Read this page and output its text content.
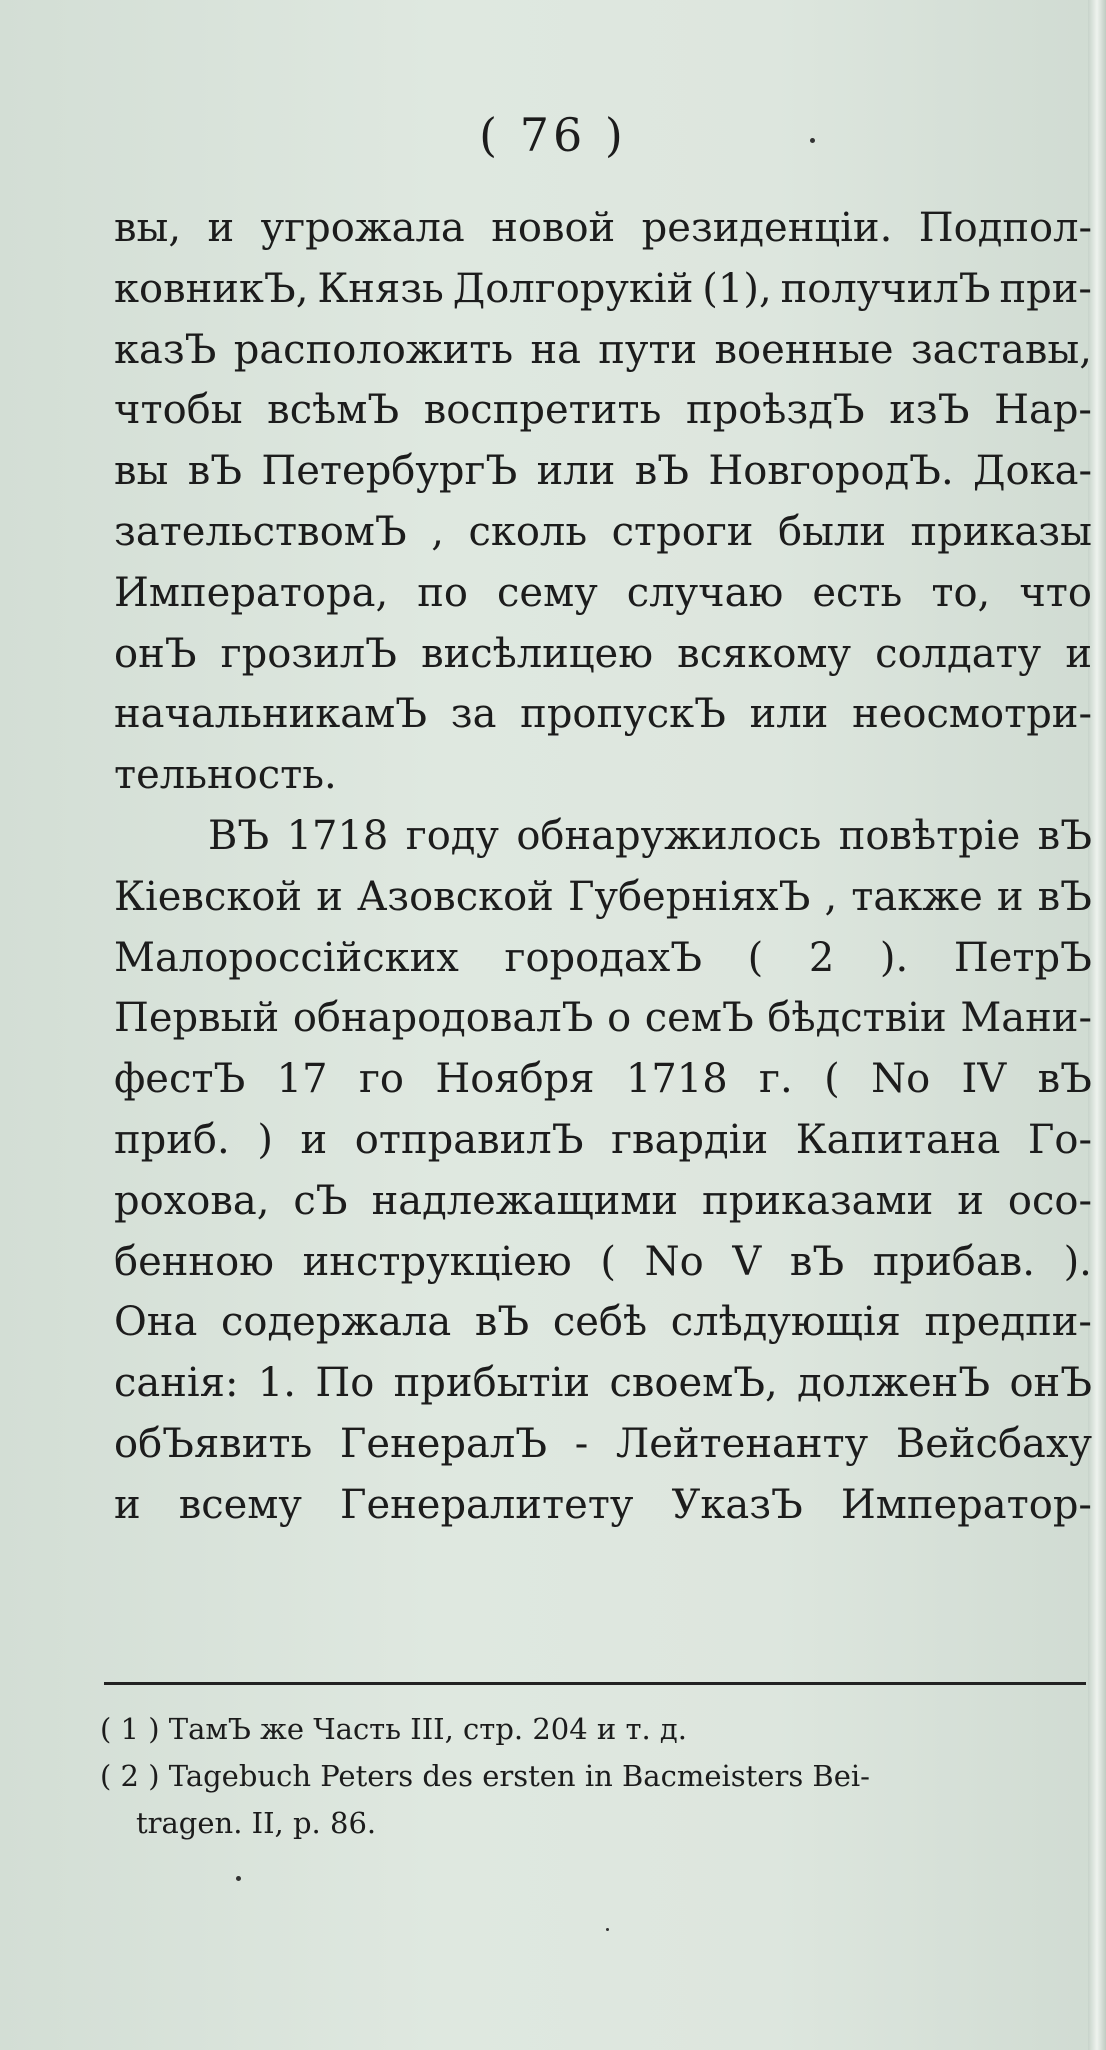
( 76 )
вы, и угрожала новой резиденціи. Подпол-
ковникЪ, Князь Долгорукій (1), получилЪ при-
казЪ расположить на пути военные заставы,
чтобы всѣмЪ воспретить проѣздЪ изЪ Нар-
вы вЪ ПетербургЪ или вЪ НовгородЪ. Дока-
зательствомЪ , сколь строги были приказы
Императора, по сему случаю есть то, что
онЪ грозилЪ висѣлицею всякому солдату и
начальникамЪ за пропускЪ или неосмотри-
тельность.
ВЪ 1718 году обнаружилось повѣтріе вЪ
Кіевской и Азовской ГуберніяхЪ , также и вЪ
Малороссійских городахЪ ( 2 ). ПетрЪ
Первый обнародовалЪ о семЪ бѣдствіи Мани-
фестЪ 17 го Ноября 1718 г. ( No IV вЪ
приб. ) и отправилЪ гвардіи Капитана Го-
рохова, сЪ надлежащими приказами и осо-
бенною инструкціею ( No V вЪ прибав. ).
Она содержала вЪ себѣ слѣдующія предпи-
санія: 1. По прибытіи своемЪ, долженЪ онЪ
обЪявить ГенералЪ - Лейтенанту Вейсбаху
и всему Генералитету УказЪ Император-
( 1 ) ТамЪ же Часть III, стр. 204 и т. д.
( 2 ) Tagebuch Peters des ersten in Bacmeisters Bei-
tragen. II, p. 86.
